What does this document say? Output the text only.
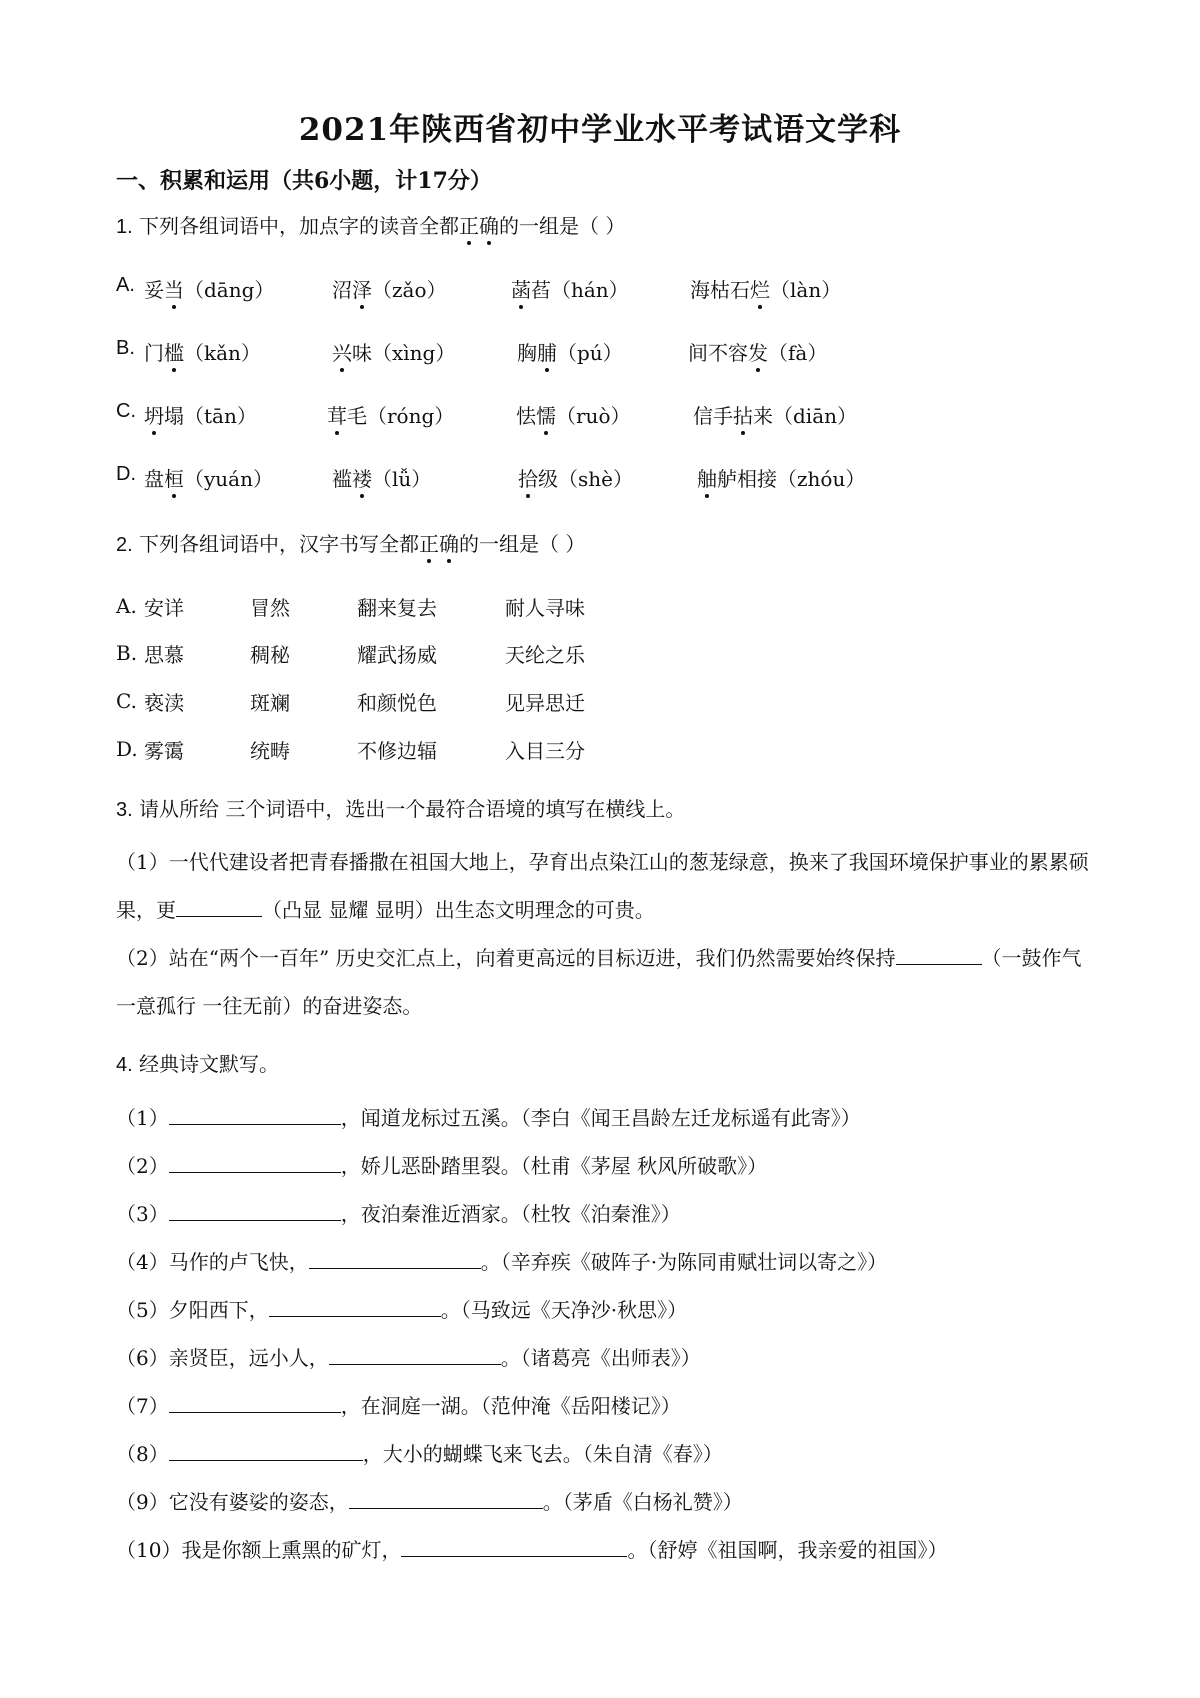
2021年陕西省初中学业水平考试语文学科
一、积累和运用（共6小题，计17分）
1. 下列各组词语中，加点字的读音全都正确的一组是（ ）
A. 妥当（dāng）	沼泽（zǎo）	菡萏（hán）	海枯石烂（làn）
B. 门槛（kǎn）	兴味（xìng）	胸脯（pú）	间不容发（fà）
C. 坍塌（tān）	茸毛（róng）	怯懦（ruò）	信手拈来（diān）
D. 盘桓（yuán）	褴褛（lǚ）	拾级（shè）	舳舻相接（zhóu）
2. 下列各组词语中，汉字书写全都正确的一组是（ ）
A. 安详	冒然	翻来复去	耐人寻味
B. 思慕	稠秘	耀武扬威	天纶之乐
C. 亵渎	斑斓	和颜悦色	见异思迁
D. 雾霭	统畴	不修边辐	入目三分
3. 请从所给 三个词语中，选出一个最符合语境的填写在横线上。
（1）一代代建设者把青春播撒在祖国大地上，孕育出点染江山的葱茏绿意，换来了我国环境保护事业的累累硕果，更	（凸显 显耀 显明）出生态文明理念的可贵。
（2）站在“两个一百年” 历史交汇点上，向着更高远的目标迈进，我们仍然需要始终保持	（一鼓作气 一意孤行 一往无前）的奋进姿态。
4. 经典诗文默写。
（1）	，闻道龙标过五溪。（李白《闻王昌龄左迁龙标遥有此寄》）
（2）	，娇儿恶卧踏里裂。（杜甫《茅屋 秋风所破歌》）
（3）	，夜泊秦淮近酒家。（杜牧《泊秦淮》）
（4）马作的卢飞快，	。（辛弃疾《破阵子·为陈同甫赋壮词以寄之》）
（5）夕阳西下，	。（马致远《天净沙·秋思》）
（6）亲贤臣，远小人，	。（诸葛亮《出师表》）
（7）	，在洞庭一湖。（范仲淹《岳阳楼记》）
（8）	，大小的蝴蝶飞来飞去。（朱自清《春》）
（9）它没有婆娑的姿态，	。（茅盾《白杨礼赞》）
（10）我是你额上熏黑的矿灯，	。（舒婷《祖国啊，我亲爱的祖国》）
